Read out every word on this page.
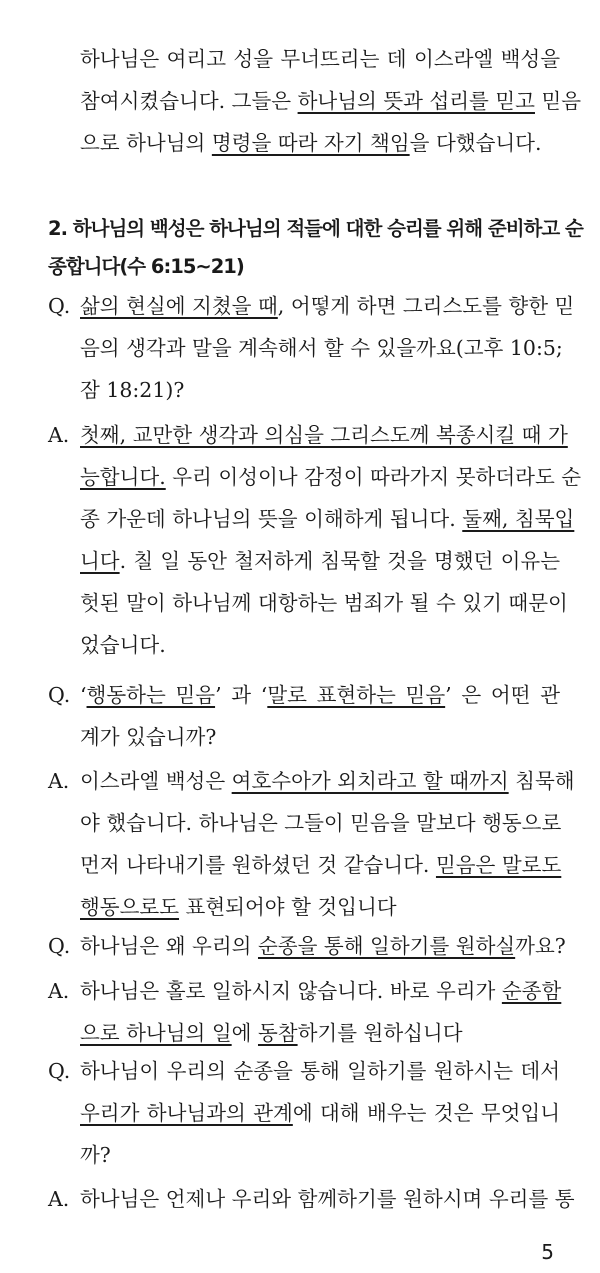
하나님은 여리고 성을 무너뜨리는 데 이스라엘 백성을
참여시켰습니다. 그들은 하나님의 뜻과 섭리를 믿고 믿음
으로 하나님의 명령을 따라 자기 책임을 다했습니다.
2. 하나님의 백성은 하나님의 적들에 대한 승리를 위해 준비하고 순
종합니다(수 6:15~21)
Q. 삶의 현실에 지쳤을 때, 어떻게 하면 그리스도를 향한 믿
음의 생각과 말을 계속해서 할 수 있을까요(고후 10:5;
잠 18:21)?
A. 첫째, 교만한 생각과 의심을 그리스도께 복종시킬 때 가
능합니다. 우리 이성이나 감정이 따라가지 못하더라도 순
종 가운데 하나님의 뜻을 이해하게 됩니다. 둘째, 침묵입
니다. 칠 일 동안 철저하게 침묵할 것을 명했던 이유는
헛된 말이 하나님께 대항하는 범죄가 될 수 있기 때문이
었습니다.
Q. ‘행동하는 믿음’ 과 ‘말로 표현하는 믿음’ 은 어떤 관
계가 있습니까?
A. 이스라엘 백성은 여호수아가 외치라고 할 때까지 침묵해
야 했습니다. 하나님은 그들이 믿음을 말보다 행동으로
먼저 나타내기를 원하셨던 것 같습니다. 믿음은 말로도
행동으로도 표현되어야 할 것입니다
Q. 하나님은 왜 우리의 순종을 통해 일하기를 원하실까요?
A. 하나님은 홀로 일하시지 않습니다. 바로 우리가 순종함
으로 하나님의 일에 동참하기를 원하십니다
Q. 하나님이 우리의 순종을 통해 일하기를 원하시는 데서
우리가 하나님과의 관계에 대해 배우는 것은 무엇입니
까?
A. 하나님은 언제나 우리와 함께하기를 원하시며 우리를 통
5
